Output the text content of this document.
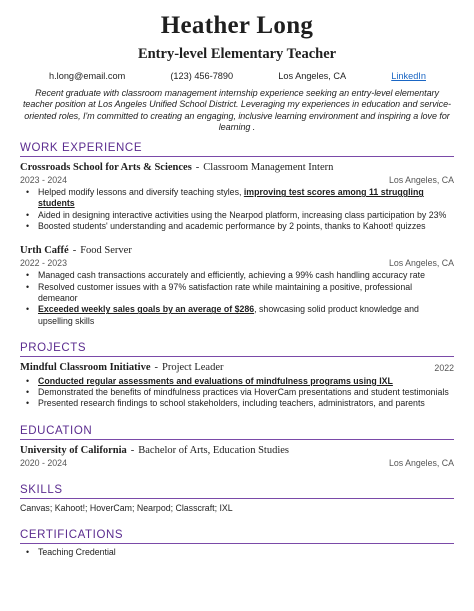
Heather Long
Entry-level Elementary Teacher
h.long@email.com	(123) 456-7890	Los Angeles, CA	LinkedIn

Recent graduate with classroom management internship experience seeking an entry-level elementary teacher position at Los Angeles Unified School District. Leveraging my experiences in education and service-oriented roles, I'm committed to creating an engaging, inclusive learning environment and inspiring a love for learning .

WORK EXPERIENCE
Crossroads School for Arts & Sciences - Classroom Management Intern
2023 - 2024	Los Angeles, CA
• Helped modify lessons and diversify teaching styles, improving test scores among 11 struggling students
• Aided in designing interactive activities using the Nearpod platform, increasing class participation by 23%
• Boosted students' understanding and academic performance by 2 points, thanks to Kahoot! quizzes
Urth Caffé - Food Server
2022 - 2023	Los Angeles, CA
• Managed cash transactions accurately and efficiently, achieving a 99% cash handling accuracy rate
• Resolved customer issues with a 97% satisfaction rate while maintaining a positive, professional demeanor
• Exceeded weekly sales goals by an average of $286, showcasing solid product knowledge and upselling skills
PROJECTS
Mindful Classroom Initiative - Project Leader	2022
• Conducted regular assessments and evaluations of mindfulness programs using IXL
• Demonstrated the benefits of mindfulness practices via HoverCam presentations and student testimonials
• Presented research findings to school stakeholders, including teachers, administrators, and parents
EDUCATION
University of California - Bachelor of Arts, Education Studies
2020 - 2024	Los Angeles, CA
SKILLS
Canvas; Kahoot!; HoverCam; Nearpod; Classcraft; IXL
CERTIFICATIONS
• Teaching Credential
